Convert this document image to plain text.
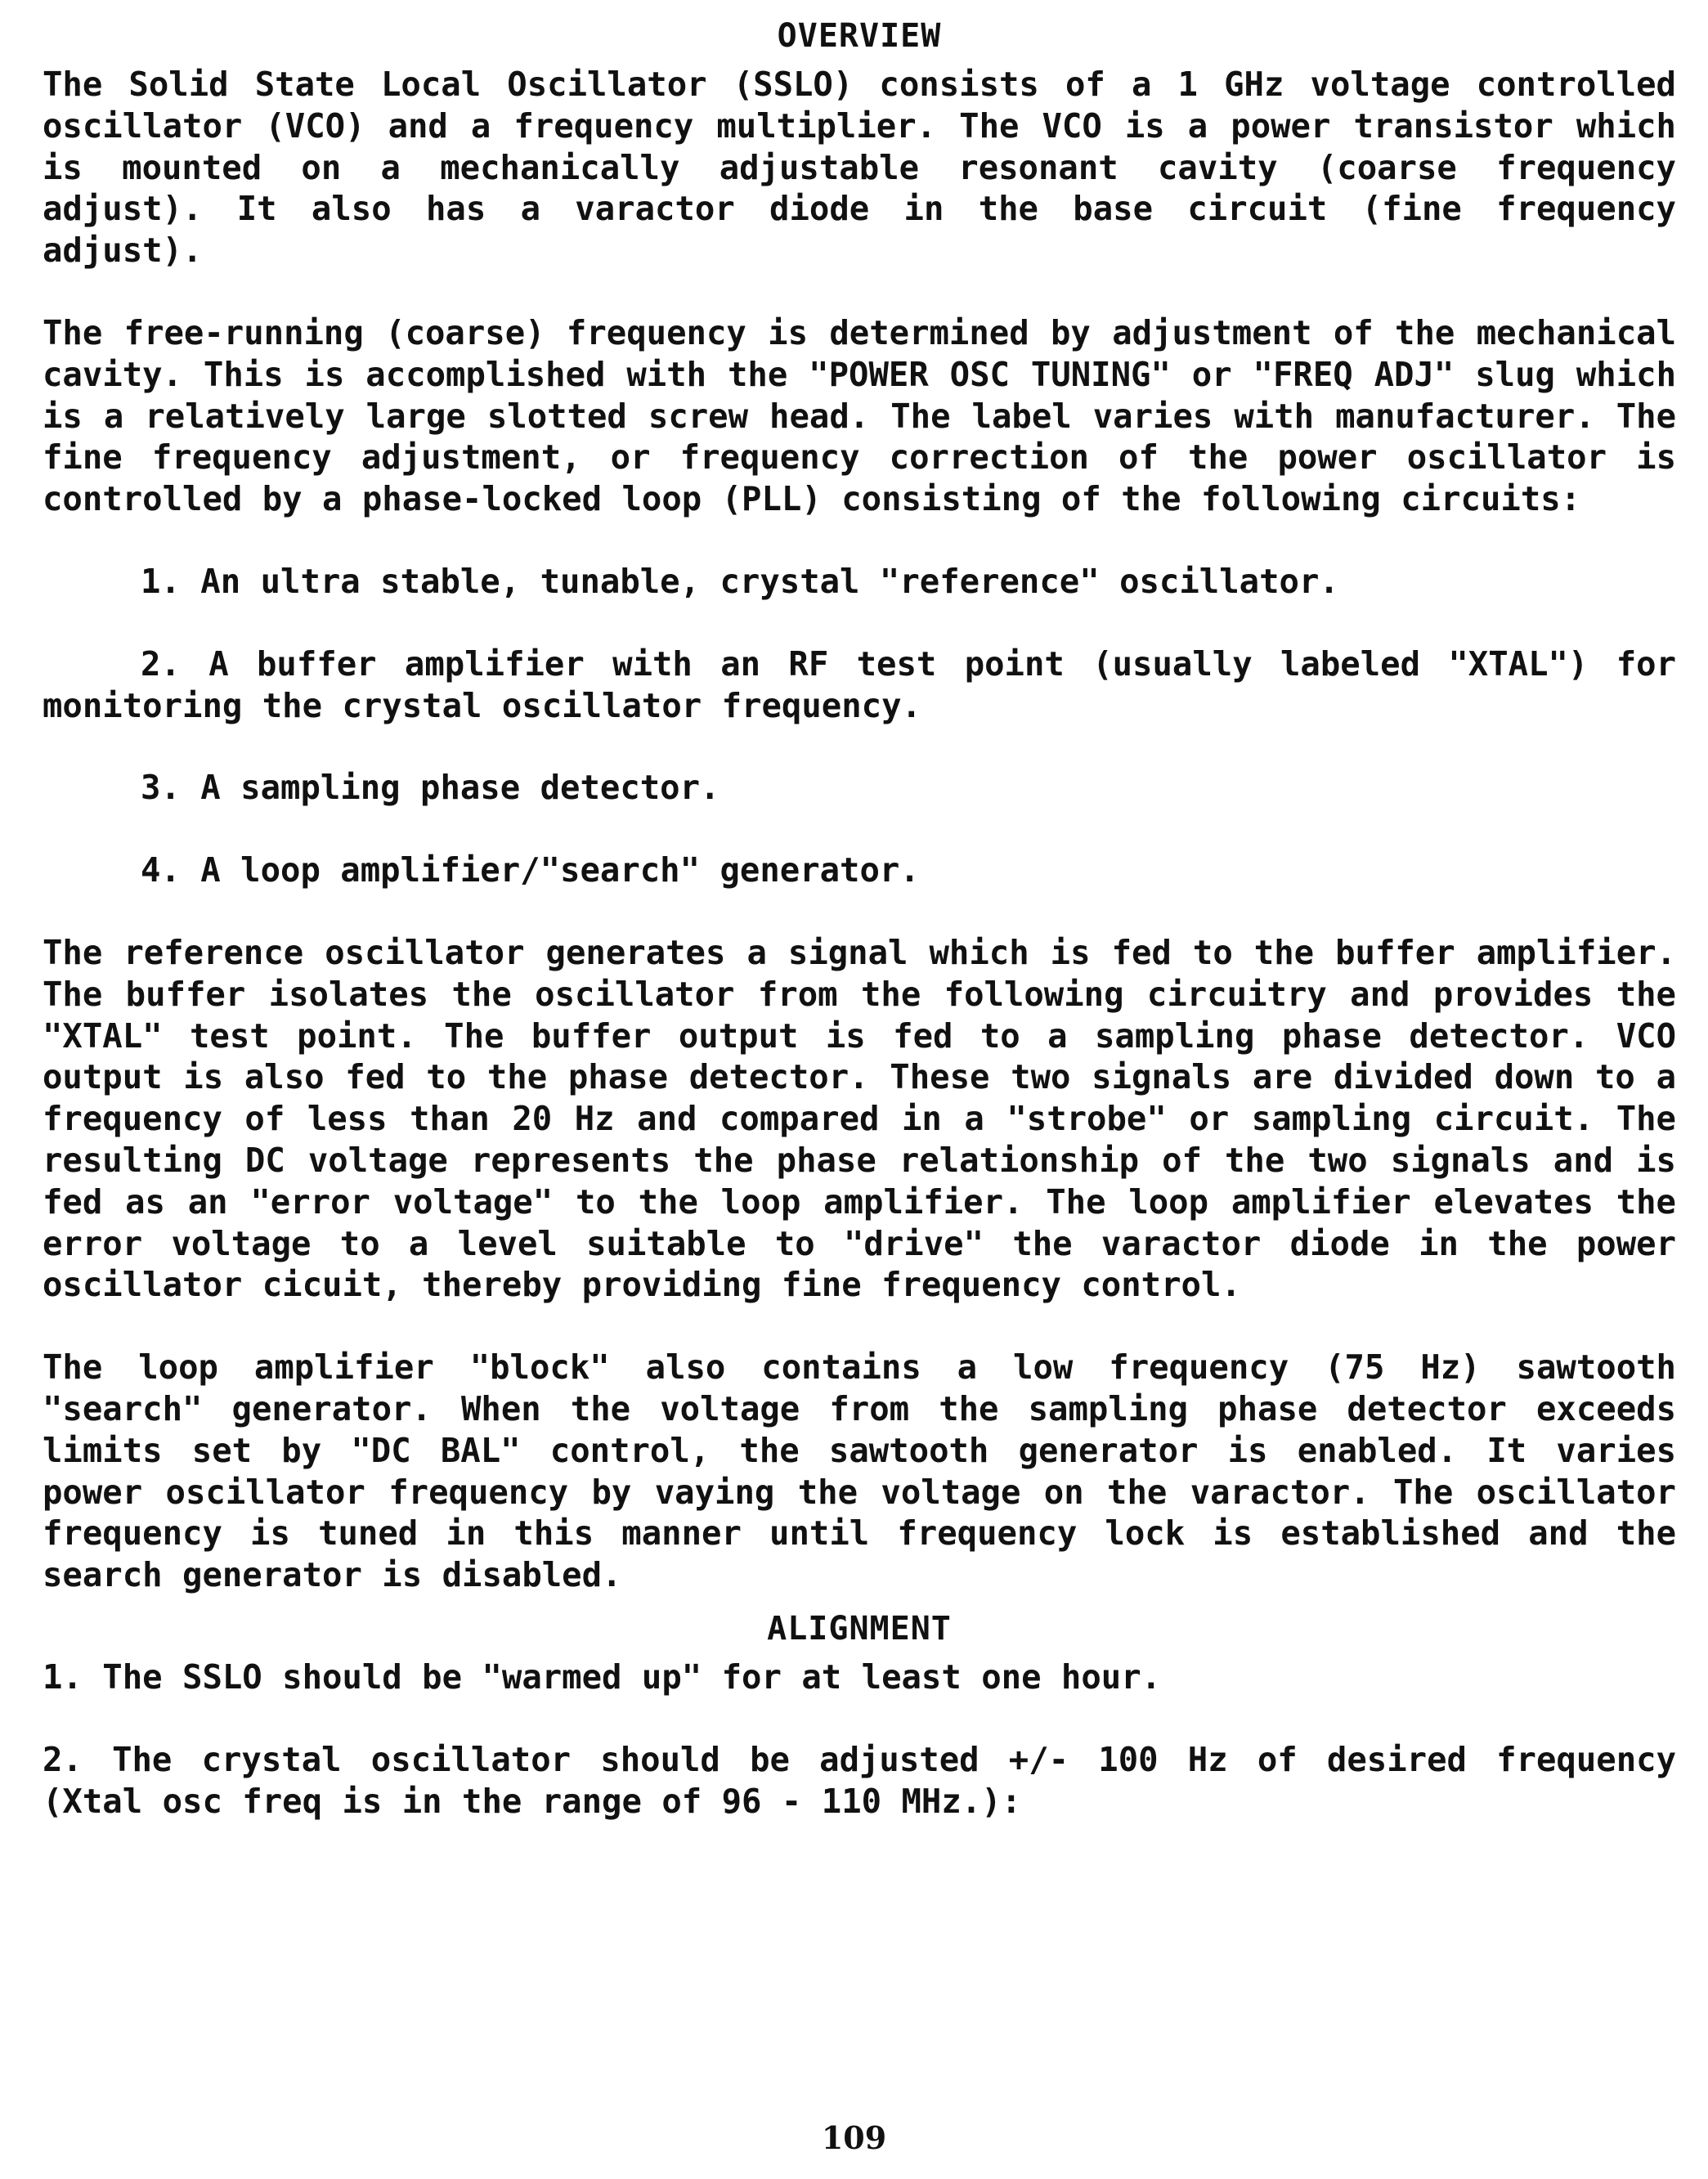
OVERVIEW

The Solid State Local Oscillator (SSLO) consists of a 1 GHz voltage controlled oscillator (VCO) and a frequency multiplier. The VCO is a power transistor which is mounted on a mechanically adjustable resonant cavity (coarse frequency adjust). It also has a varactor diode in the base circuit (fine frequency adjust).

The free-running (coarse) frequency is determined by adjustment of the mechanical cavity. This is accomplished with the "POWER OSC TUNING" or "FREQ ADJ" slug which is a relatively large slotted screw head. The label varies with manufacturer. The fine frequency adjustment, or frequency correction of the power oscillator is controlled by a phase-locked loop (PLL) consisting of the following circuits:

1. An ultra stable, tunable, crystal "reference" oscillator.

2. A buffer amplifier with an RF test point (usually labeled "XTAL") for monitoring the crystal oscillator frequency.

3. A sampling phase detector.

4. A loop amplifier/"search" generator.

The reference oscillator generates a signal which is fed to the buffer amplifier. The buffer isolates the oscillator from the following circuitry and provides the "XTAL" test point. The buffer output is fed to a sampling phase detector. VCO output is also fed to the phase detector. These two signals are divided down to a frequency of less than 20 Hz and compared in a "strobe" or sampling circuit. The resulting DC voltage represents the phase relationship of the two signals and is fed as an "error voltage" to the loop amplifier. The loop amplifier elevates the error voltage to a level suitable to "drive" the varactor diode in the power oscillator cicuit, thereby providing fine frequency control.

The loop amplifier "block" also contains a low frequency (75 Hz) sawtooth "search" generator. When the voltage from the sampling phase detector exceeds limits set by "DC BAL" control, the sawtooth generator is enabled. It varies power oscillator frequency by vaying the voltage on the varactor. The oscillator frequency is tuned in this manner until frequency lock is established and the search generator is disabled.

ALIGNMENT

1. The SSLO should be "warmed up" for at least one hour.

2. The crystal oscillator should be adjusted +/- 100 Hz of desired frequency (Xtal osc freq is in the range of 96 - 110 MHz.):

109
